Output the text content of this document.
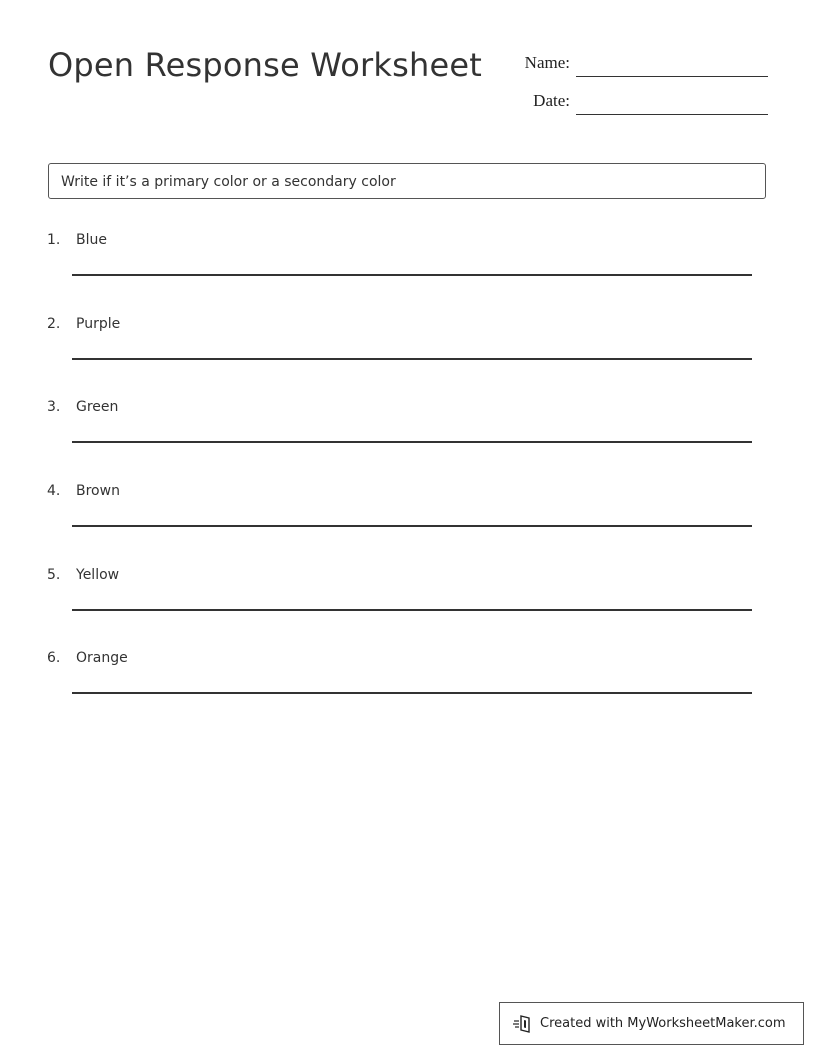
Open Response Worksheet	Name:
Date:
Write if it’s a primary color or a secondary color
1. Blue
2. Purple
3. Green
4. Brown
5. Yellow
6. Orange
Created with MyWorksheetMaker.com
